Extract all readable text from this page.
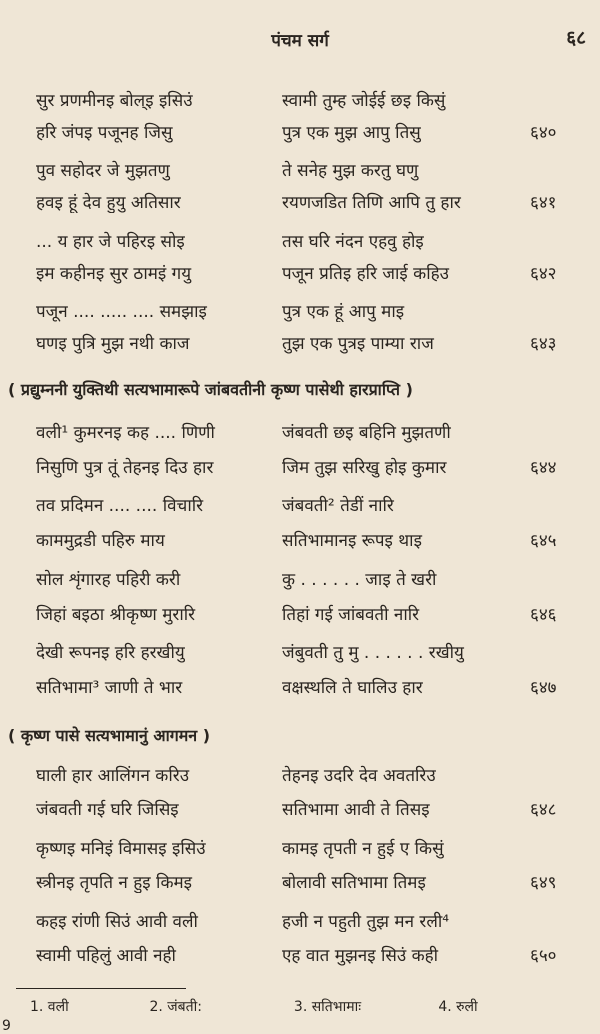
पंचम सर्ग	६८
सुर प्रणमीनइ बोल्इ इसिउं	स्वामी तुम्ह जोईई छइ किसुं
हरि जंपइ पजूनह जिसु	पुत्र एक मुझ आपु तिसु	६४०
पुव सहोदर जे मुझतणु	ते सनेह मुझ करतु घणु
हवइ हूं देव हुयु अतिसार	रयणजडित तिणि आपि तु हार	६४१
... य हार जे पहिरइ सोइ	तस घरि नंदन एहवु होइ
इम कहीनइ सुर ठामइं गयु	पजून प्रतिइ हरि जाई कहिउ	६४२
पजून .... ..... .... समझाइ	पुत्र एक हूं आपु माइ
घणइ पुत्रि मुझ नथी काज	तुझ एक पुत्रइ पाम्या राज	६४३
( प्रद्युम्ननी युक्तिथी सत्यभामारूपे जांबवतीनी कृष्ण पासेथी हारप्राप्ति )
वली¹ कुमरनइ कह .... णिणी	जंबवती छइ बहिनि मुझतणी
निसुणि पुत्र तूं तेहनइ दिउ हार	जिम तुझ सरिखु होइ कुमार	६४४
तव प्रदिमन .... .... विचारि	जंबवती² तेडीं नारि
काममुद्रडी पहिरु माय	सतिभामानइ रूपइ थाइ	६४५
सोल शृंगारह पहिरी करी	कु . . . . . . जाइ ते खरी
जिहां बइठा श्रीकृष्ण मुरारि	तिहां गई जांबवती नारि	६४६
देखी रूपनइ हरि हरखीयु	जंबुवती तु मु . . . . . . रखीयु
सतिभामा³ जाणी ते भार	वक्षस्थलि ते घालिउ हार	६४७
( कृष्ण पासे सत्यभामानुं आगमन )
घाली हार आलिंगन करिउ	तेहनइ उदरि देव अवतरिउ
जंबवती गई घरि जिसिइ	सतिभामा आवी ते तिसइ	६४८
कृष्णइ मनिइं विमासइ इसिउं	कामइ तृपती न हुई ए किसुं
स्त्रीनइ तृपति न हुइ किमइ	बोलावी सतिभामा तिमइ	६४९
कहइ रांणी सिउं आवी वली	हजी न पहुती तुझ मन रली⁴
स्वामी पहिलुं आवी नही	एह वात मुझनइ सिउं कही	६५०
1. वली	2. जंबती:	3. सतिभामाः	4. रुली
9
